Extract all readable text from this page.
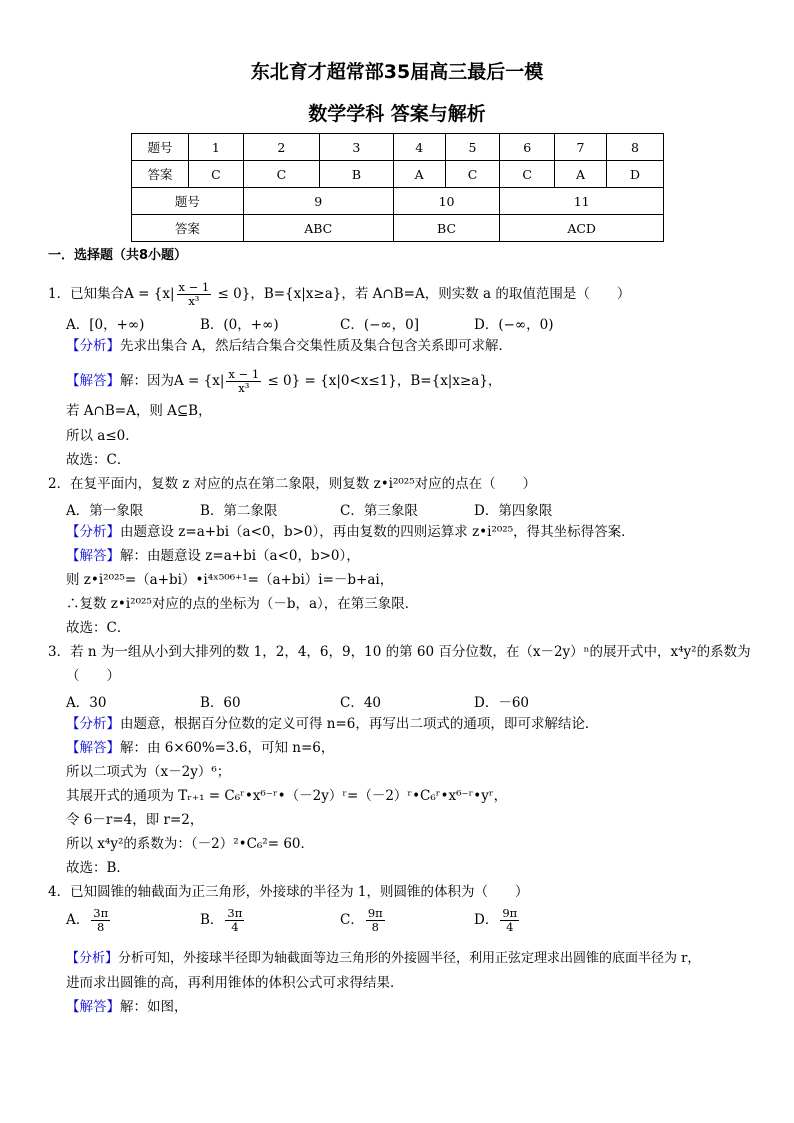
东北育才超常部35届高三最后一模
数学学科 答案与解析
题号	1	2	3	4	5	6	7	8
答案	C	C	B	A	C	C	A	D
题号		9		10		11		
答案		ABC		BC		ACD		
一．选择题（共8小题）
1．已知集合$A = \{x| \frac{x - 1}{\text{x³}} \le 0\}$，B={x|x≥a}，若 A∩B=A，则实数 a 的取值范围是（　　）
A．[0，+∞)	B．(0，+∞)	C．(−∞，0]	D．(−∞，0)
【分析】先求出集合 A，然后结合集合交集性质及集合包含关系即可求解．
【解答】解：因为$A = \{x| \frac{x - 1}{\text{x³}} \le 0\} = \{x|0<x\le 1\}$，B={x|x≥a}，
若 A∩B=A，则 A⊆B，
所以 a≤0．
故选：C．
2．在复平面内，复数 z 对应的点在第二象限，则复数 z•i²⁰²⁵对应的点在（　　）
A．第一象限	B．第二象限	C．第三象限	D．第四象限
【分析】由题意设 z=a+bi（a<0，b>0），再由复数的四则运算求 z•i²⁰²⁵，得其坐标得答案．
【解答】解：由题意设 z=a+bi（a<0，b>0），
则 z•i²⁰²⁵=（a+bi）•i⁴ˣ⁵⁰⁶⁺¹=（a+bi）i=－b+ai，
∴复数 z•i²⁰²⁵对应的点的坐标为（－b，a），在第三象限．
故选：C．
3．若 n 为一组从小到大排列的数 1，2，4，6，9，10 的第 60 百分位数，在（x－2y）ⁿ的展开式中，x⁴y²的系数为
（　　）
A．30	B．60	C．40	D．－60
【分析】由题意，根据百分位数的定义可得 n=6，再写出二项式的通项，即可求解结论．
【解答】解：由 6×60%=3.6，可知 n=6，
所以二项式为（x－2y）⁶；
其展开式的通项为 Tᵣ₊₁ = C₆ʳ•x⁶⁻ʳ•（－2y）ʳ=（－2）ʳ•C₆ʳ•x⁶⁻ʳ•yʳ，
令 6－r=4，即 r=2，
所以 x⁴y²的系数为：（－2）²•C₆²= 60．
故选：B．
4．已知圆锥的轴截面为正三角形，外接球的半径为 1，则圆锥的体积为（　　）
A． $\frac{3\pi}{8}$	B． $\frac{3\pi}{4}$	C． $\frac{9\pi}{8}$	D． $\frac{9\pi}{4}$
【分析】分析可知，外接球半径即为轴截面等边三角形的外接圆半径，利用正弦定理求出圆锥的底面半径为 r，
进而求出圆锥的高，再利用锥体的体积公式可求得结果．
【解答】解：如图，
